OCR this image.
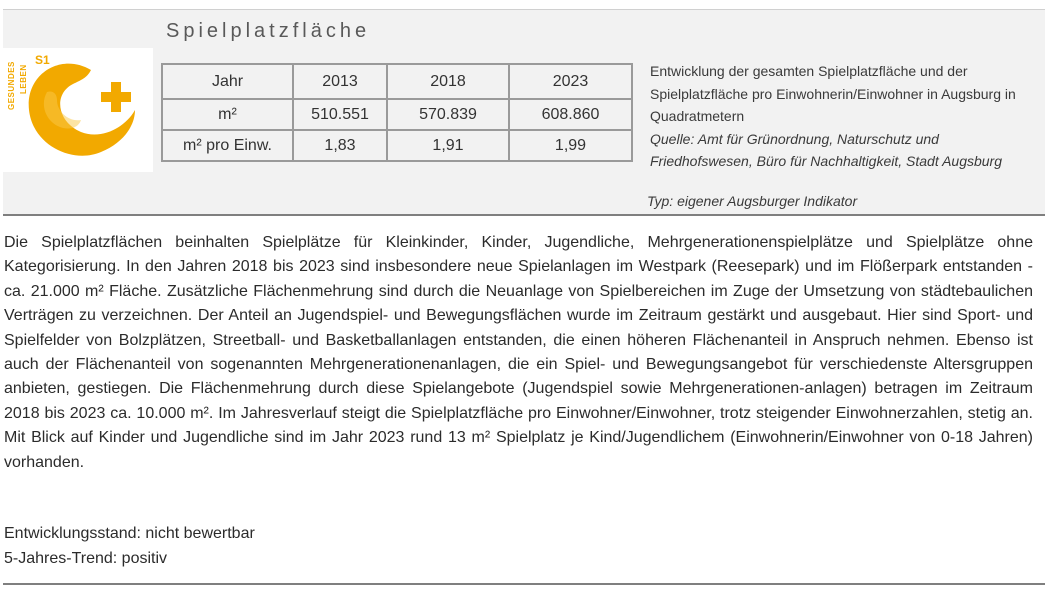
Spielplatzfläche
GESUNDES LEBEN
S1
Jahr	2013	2018	2023
m²	510.551	570.839	608.860
m² pro Einw.	1,83	1,91	1,99
Entwicklung der gesamten Spielplatzfläche und der Spielplatzfläche pro Einwohnerin/Einwohner in Augsburg in Quadratmetern
Quelle: Amt für Grünordnung, Naturschutz und Friedhofswesen, Büro für Nachhaltigkeit, Stadt Augsburg
Typ: eigener Augsburger Indikator
Die Spielplatzflächen beinhalten Spielplätze für Kleinkinder, Kinder, Jugendliche, Mehrgenerationenspielplätze und Spielplätze ohne Kategorisierung. In den Jahren 2018 bis 2023 sind insbesondere neue Spielanlagen im Westpark (Reesepark) und im Flößerpark entstanden - ca. 21.000 m² Fläche. Zusätzliche Flächenmehrung sind durch die Neuanlage von Spielbereichen im Zuge der Umsetzung von städtebaulichen Verträgen zu verzeichnen. Der Anteil an Jugendspiel- und Bewegungsflächen wurde im Zeitraum gestärkt und ausgebaut. Hier sind Sport- und Spielfelder von Bolzplätzen, Streetball- und Basketballanlagen entstanden, die einen höheren Flächenanteil in Anspruch nehmen. Ebenso ist auch der Flächenanteil von sogenannten Mehrgenerationenanlagen, die ein Spiel- und Bewegungsangebot für verschiedenste Altersgruppen anbieten, gestiegen. Die Flächenmehrung durch diese Spielangebote (Jugendspiel sowie Mehrgenerationen-anlagen) betragen im Zeitraum 2018 bis 2023 ca. 10.000 m². Im Jahresverlauf steigt die Spielplatzfläche pro Einwohner/Einwohner, trotz steigender Einwohnerzahlen, stetig an. Mit Blick auf Kinder und Jugendliche sind im Jahr 2023 rund 13 m² Spielplatz je Kind/Jugendlichem (Einwohnerin/Einwohner von 0-18 Jahren) vorhanden.
Entwicklungsstand: nicht bewertbar
5-Jahres-Trend: positiv
